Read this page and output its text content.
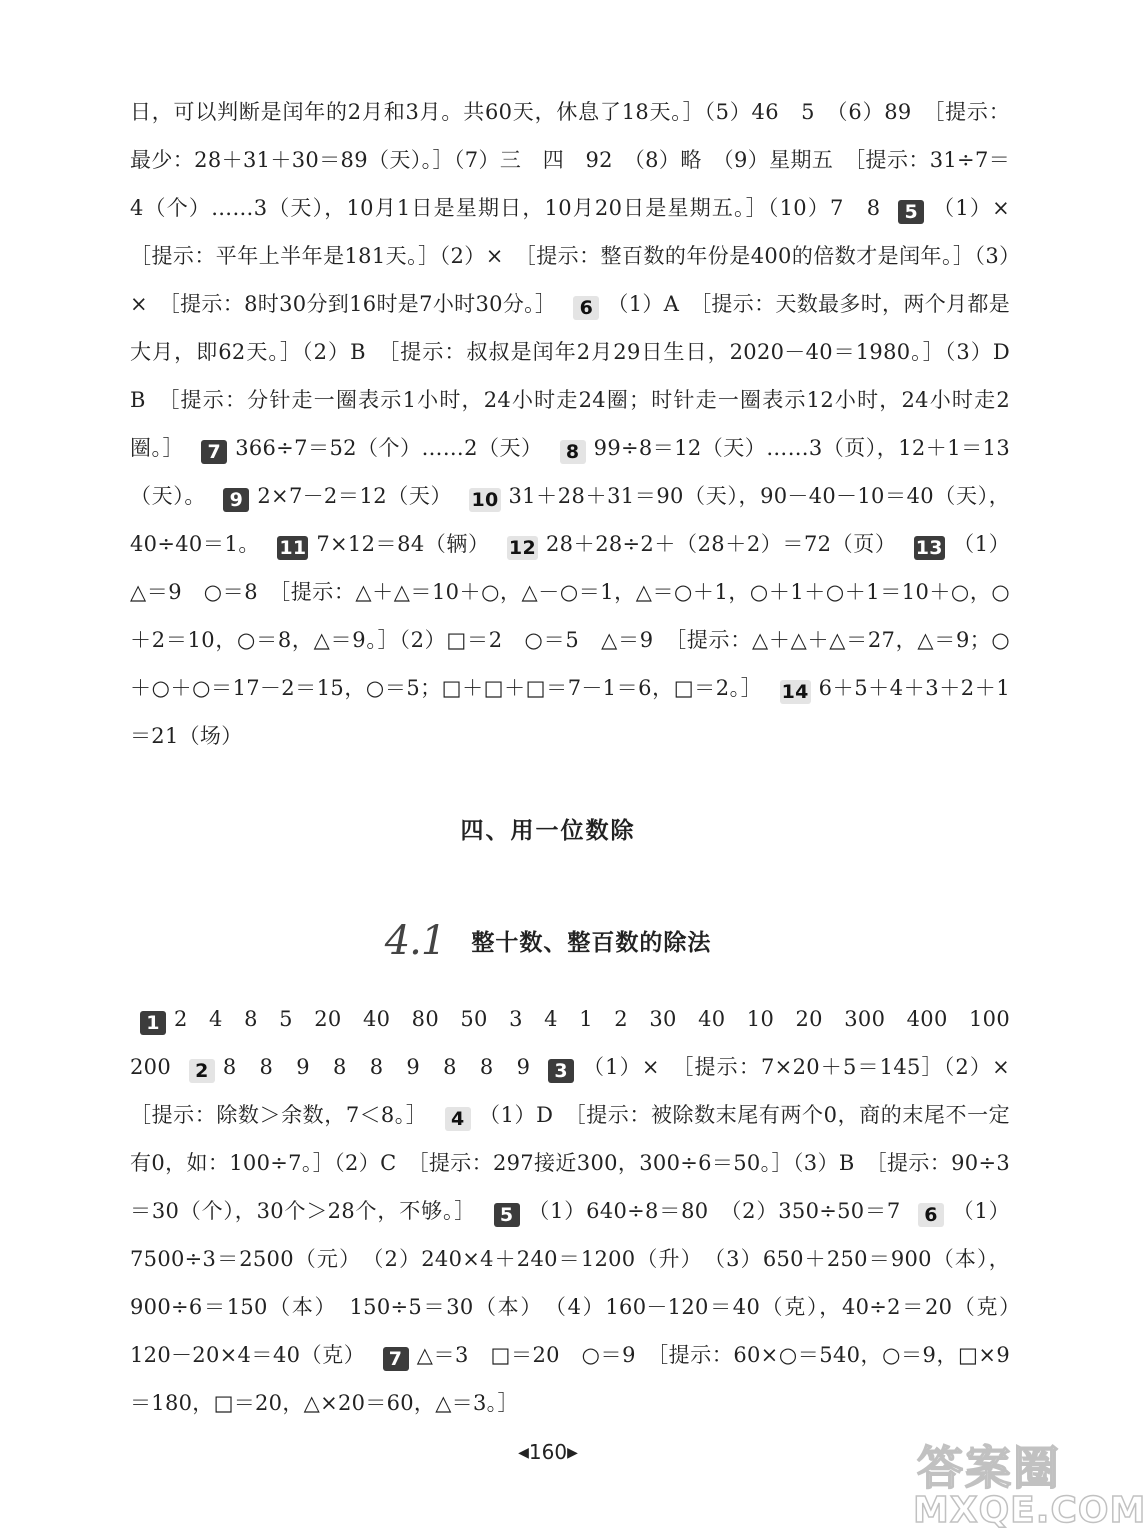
日，可以判断是闰年的2月和3月。共60天，休息了18天。］（5）46　5　（6）89　［提示：最少：28＋31＋30＝89（天）。］（7）三　四　92　（8）略　（9）星期五　［提示：31÷7＝4（个）……3（天），10月1日是星期日，10月20日是星期五。］（10）7　8 5 （1）×　［提示：平年上半年是181天。］（2）×　［提示：整百数的年份是400的倍数才是闰年。］（3）×　［提示：8时30分到16时是7小时30分。］ 6 （1）A　［提示：天数最多时，两个月都是大月，即62天。］（2）B　［提示：叔叔是闰年2月29日生日，2020－40＝1980。］（3）D　B　［提示：分针走一圈表示1小时，24小时走24圈；时针走一圈表示12小时，24小时走2圈。］ 7 366÷7＝52（个）……2（天） 8 99÷8＝12（天）……3（页），12＋1＝13（天）。 9 2×7－2＝12（天） 10 31＋28＋31＝90（天），90－40－10＝40（天），40÷40＝1。 11 7×12＝84（辆） 12 28＋28÷2＋（28＋2）＝72（页） 13 （1）△＝9　○＝8　［提示：△＋△＝10＋○，△－○＝1，△＝○＋1，○＋1＋○＋1＝10＋○，○＋2＝10，○＝8，△＝9。］（2）□＝2　○＝5　△＝9　［提示：△＋△＋△＝27，△＝9；○＋○＋○＝17－2＝15，○＝5；□＋□＋□＝7－1＝6，□＝2。］ 14 6＋5＋4＋3＋2＋1＝21（场）
四、用一位数除
4.1 整十数、整百数的除法
1 2　4　8　5　20　40　80　50　3　4　1　2　30　40　10　20　300　400　100　200 2 8　8　9　8　8　9　8　8　9 3 （1）×　［提示：7×20＋5＝145］（2）×　［提示：除数＞余数，7＜8。］ 4 （1）D　［提示：被除数末尾有两个0，商的末尾不一定有0，如：100÷7。］（2）C　［提示：297接近300，300÷6＝50。］（3）B　［提示：90÷3＝30（个），30个＞28个，不够。］ 5 （1）640÷8＝80　（2）350÷50＝7 6 （1）7500÷3＝2500（元）　（2）240×4＋240＝1200（升）　（3）650＋250＝900（本），900÷6＝150（本）　150÷5＝30（本）　（4）160－120＝40（克），40÷2＝20（克）　120－20×4＝40（克） 7 △＝3　□＝20　○＝9　［提示：60×○＝540，○＝9，□×9＝180，□＝20，△×20＝60，△＝3。］
◀160▶	答案圈
MXQE.COM
